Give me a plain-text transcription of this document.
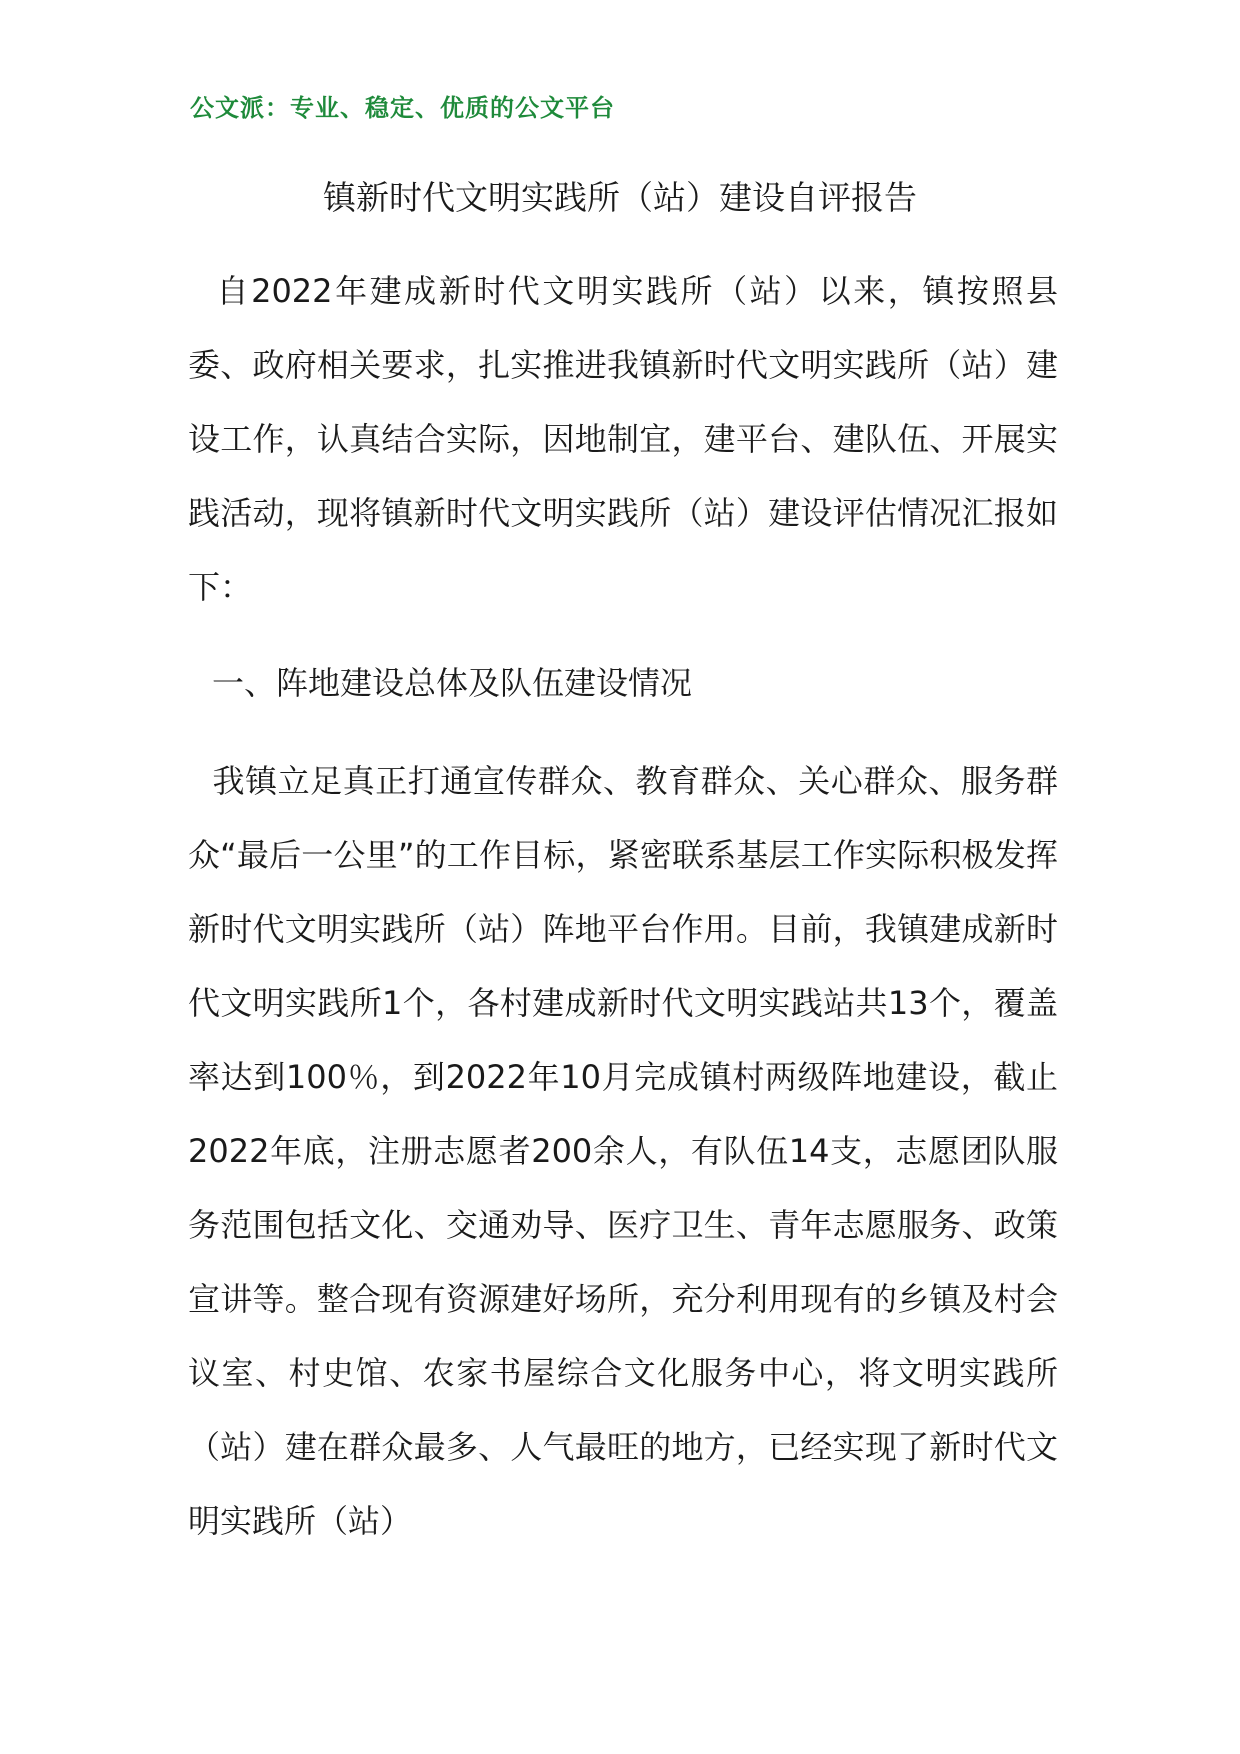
公文派：专业、稳定、优质的公文平台
镇新时代文明实践所（站）建设自评报告
自2022年建成新时代文明实践所（站）以来，镇按照县委、政府相关要求，扎实推进我镇新时代文明实践所（站）建设工作，认真结合实际，因地制宜，建平台、建队伍、开展实践活动，现将镇新时代文明实践所（站）建设评估情况汇报如下：
一、阵地建设总体及队伍建设情况
我镇立足真正打通宣传群众、教育群众、关心群众、服务群众“最后一公里”的工作目标，紧密联系基层工作实际积极发挥新时代文明实践所（站）阵地平台作用。目前，我镇建成新时代文明实践所1个，各村建成新时代文明实践站共13个，覆盖率达到100％，到2022年10月完成镇村两级阵地建设，截止2022年底，注册志愿者200余人，有队伍14支，志愿团队服务范围包括文化、交通劝导、医疗卫生、青年志愿服务、政策宣讲等。整合现有资源建好场所，充分利用现有的乡镇及村会议室、村史馆、农家书屋综合文化服务中心，将文明实践所（站）建在群众最多、人气最旺的地方，已经实现了新时代文明实践所（站）
